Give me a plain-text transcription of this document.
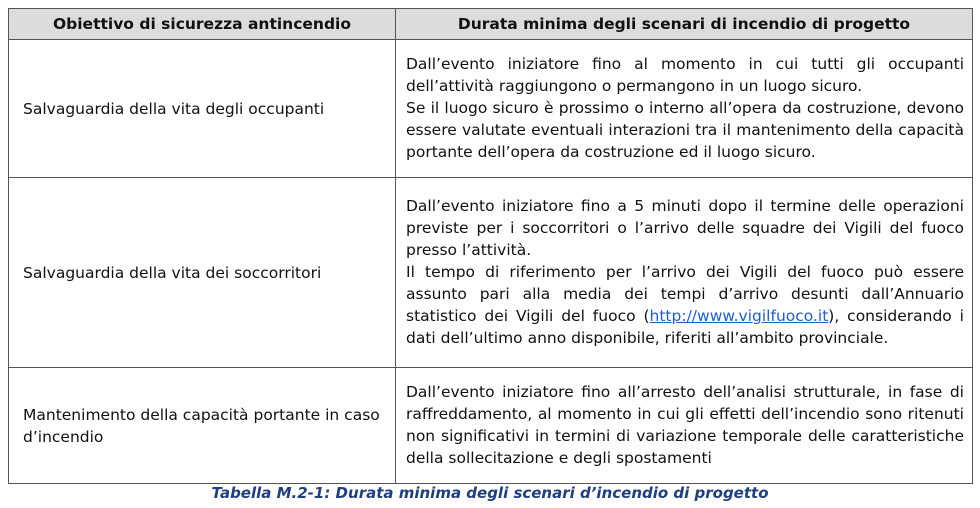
Obiettivo di sicurezza antincendio	Durata minima degli scenari di incendio di progetto
Salvaguardia della vita degli occupanti	Dall’evento iniziatore fino al momento in cui tutti gli occupanti dell’attività raggiungono o permangono in un luogo sicuro.

Se il luogo sicuro è prossimo o interno all’opera da costruzione, devono essere valutate eventuali interazioni tra il mantenimento della capacità portante dell’opera da costruzione ed il luogo sicuro.

Salvaguardia della vita dei soccorritori	Dall’evento iniziatore fino a 5 minuti dopo il termine delle operazioni previste per i soccorritori o l’arrivo delle squadre dei Vigili del fuoco presso l’attività.

Il tempo di riferimento per l’arrivo dei Vigili del fuoco può essere assunto pari alla media dei tempi d’arrivo desunti dall’Annuario statistico dei Vigili del fuoco (http://www.vigilfuoco.it), considerando i dati dell’ultimo anno disponibile, riferiti all’ambito provinciale.

Mantenimento della capacità portante in caso d’incendio	Dall’evento iniziatore fino all’arresto dell’analisi strutturale, in fase di raffreddamento, al momento in cui gli effetti dell’incendio sono ritenuti non significativi in termini di variazione temporale delle caratteristiche della sollecitazione e degli spostamenti

Tabella M.2-1: Durata minima degli scenari d’incendio di progetto
